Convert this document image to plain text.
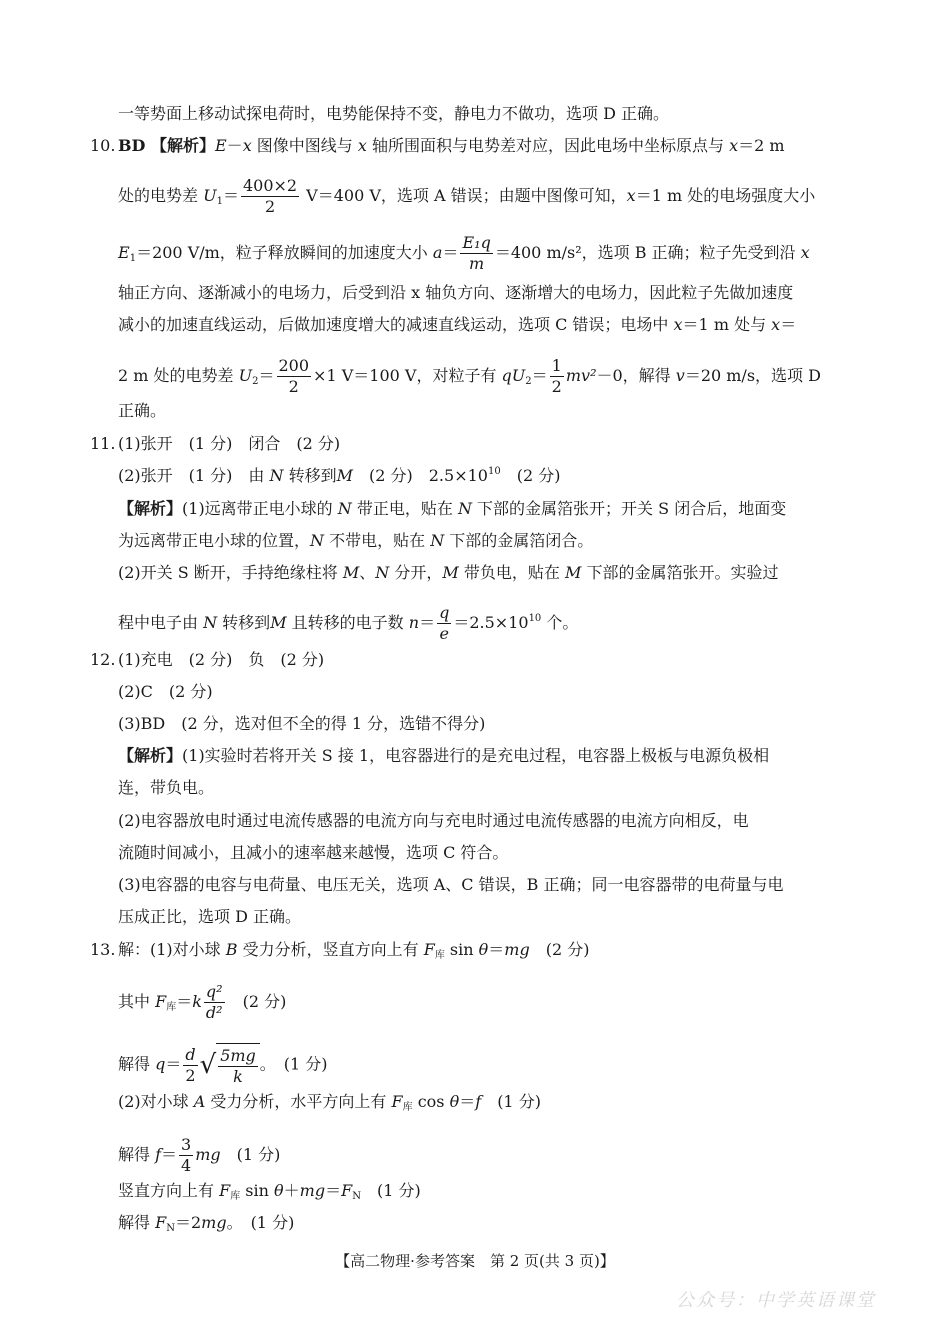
一等势面上移动试探电荷时，电势能保持不变，静电力不做功，选项 D 正确。
10. BD 【解析】E－x 图像中图线与 x 轴所围面积与电势差对应，因此电场中坐标原点与 x＝2 m
处的电势差 $U_1= \frac{400\times 2}{2} V=400$ V，选项 A 错误；由题中图像可知，x＝1 m 处的电场强度大小
$E_1=200$ V/m，粒子释放瞬间的加速度大小 $a= \frac{\text{E₁q}}{m} =400$ m/s²，选项 B 正确；粒子先受到沿 x
轴正方向、逐渐减小的电场力，后受到沿 x 轴负方向、逐渐增大的电场力，因此粒子先做加速度
减小的加速直线运动，后做加速度增大的减速直线运动，选项 C 错误；电场中 x＝1 m 处与 x＝
2 m 处的电势差 $U_2= \frac{200}{2} \times 1$ V＝100 V，对粒子有 $qU_2= \frac{1}{2} mv^2-0$，解得 v＝20 m/s，选项 D
正确。
11. (1)张开　(1 分)　闭合　(2 分)
(2)张开　(1 分)　由 N 转移到M　(2 分)　$2.5\times 10^{10}$　(2 分)
【解析】(1)远离带正电小球的 N 带正电，贴在 N 下部的金属箔张开；开关 S 闭合后，地面变
为远离带正电小球的位置，N 不带电，贴在 N 下部的金属箔闭合。
(2)开关 S 断开，手持绝缘柱将 M、N 分开，M 带负电，贴在 M 下部的金属箔张开。实验过
程中电子由 N 转移到M 且转移的电子数 $n= \frac{q}{e} =2.5\times 10^{10}$ 个。
12. (1)充电　(2 分)　负　(2 分)
(2)C　(2 分)
(3)BD　(2 分，选对但不全的得 1 分，选错不得分)
【解析】(1)实验时若将开关 S 接 1，电容器进行的是充电过程，电容器上极板与电源负极相
连，带负电。
(2)电容器放电时通过电流传感器的电流方向与充电时通过电流传感器的电流方向相反，电
流随时间减小，且减小的速率越来越慢，选项 C 符合。
(3)电容器的电容与电荷量、电压无关，选项 A、C 错误，B 正确；同一电容器带的电荷量与电
压成正比，选项 D 正确。
13. 解：(1)对小球 B 受力分析，竖直方向上有 $F_库$ sin θ＝mg　(2 分)
其中 $F_库=k \frac{\text{q²}}{\text{d²}}$ 　(2 分)
解得 $q= \frac{d}{2}$ √ $\frac{5mg}{k}$ 。　(1 分)
(2)对小球 A 受力分析，水平方向上有 $F_库$ cos θ＝f　(1 分)
解得 $f= \frac{3}{4}$ mg　(1 分)
竖直方向上有 $F_库$ $\sin \theta+mg=F_N$　(1 分)
解得 $F_N=2mg$。　(1 分)
【高二物理·参考答案　第 2 页(共 3 页)】
公众号：中学英语课堂
